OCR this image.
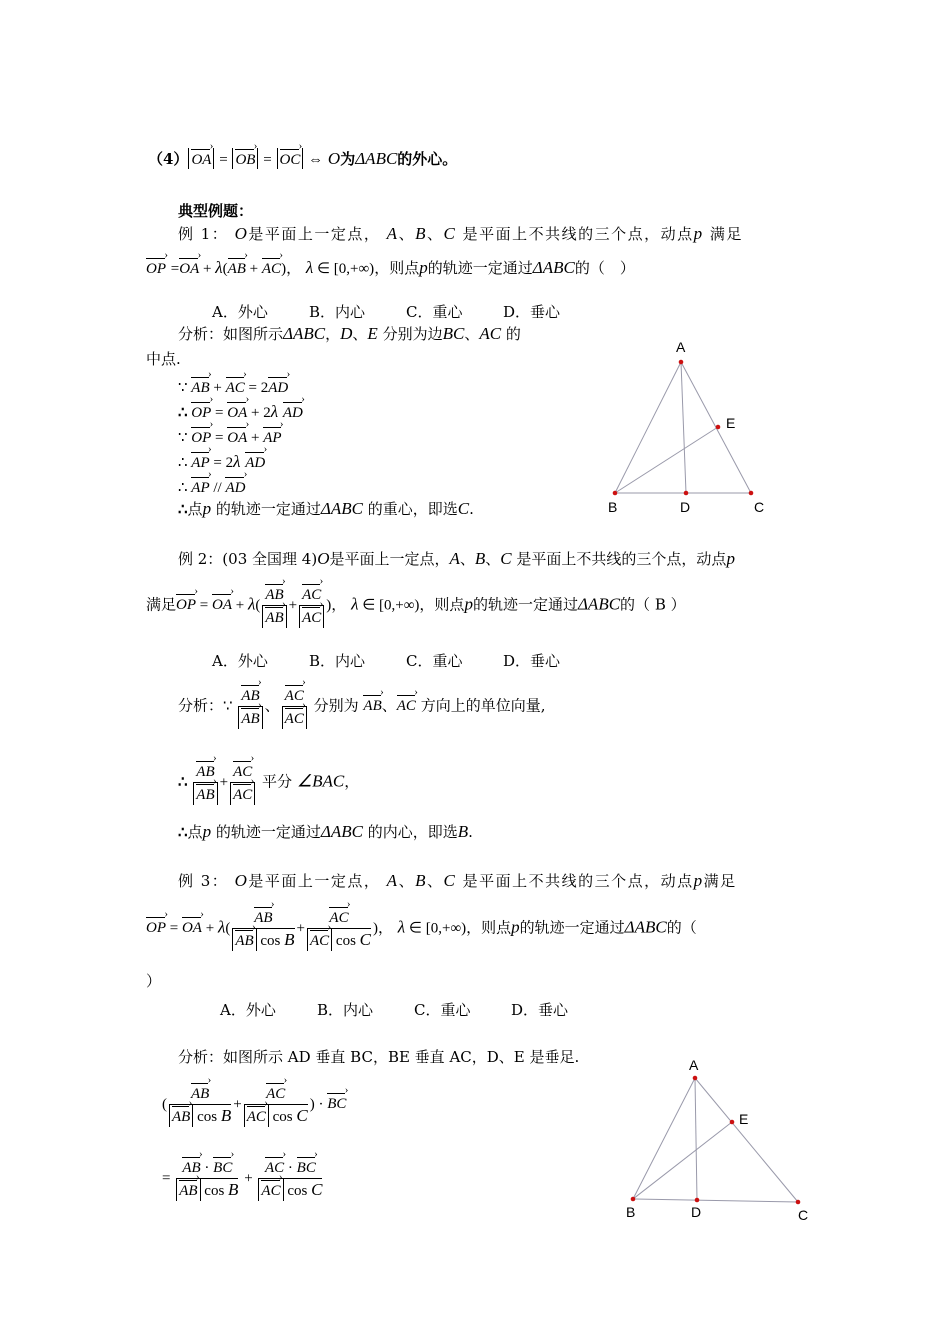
（4） OA › = OB › = OC › ⇔ O为ΔABC的外心。
典型例题：
例 1： O是平面上一定点， A、B、C 是平面上不共线的三个点，动点p 满足
OP › =OA › + λ(AB › + AC ›)， λ ∈ [0,+∞)，则点p的轨迹一定通过ΔABC的（　）
A．外心	B．内心	C．重心	D．垂心
分析：如图所示ΔABC，D、E 分别为边BC、AC 的
中点.
∵ AB › + AC › = 2AD ›
∴ OP › = OA › + 2λ AD ›
∵ OP › = OA › + AP ›
∴ AP › = 2λ AD ›
∴ AP › // AD ›
∴点p 的轨迹一定通过ΔABC 的重心，即选C.
A
B	C
D
E
例 2：(03 全国理 4)O是平面上一定点，A、B、C 是平面上不共线的三个点，动点p
满足OP › = OA › + $\lambda( \frac{AB ›}{AB}$ › + $\frac{AC ›}{AC}$ › )， λ ∈ [0,+∞)，则点p的轨迹一定通过ΔABC的（ B ）
A．外心	B．内心	C．重心	D．垂心
分析：∵ $\frac{AB ›}{AB}$ › 、 $\frac{AC ›}{AC}$ › 分别为 AB ›、AC › 方向上的单位向量,
∴ $\frac{AB ›}{AB}$ › + $\frac{AC ›}{AC}$ › 平分 ∠BAC，
∴点p 的轨迹一定通过ΔABC 的内心，即选B.
例 3： O是平面上一定点， A、B、C 是平面上不共线的三个点，动点p满足
OP › = OA › + $\lambda( \frac{AB ›}{\text{AB › cos B}} + \frac{AC ›}{\text{AC › cos C}}$ )， λ ∈ [0,+∞)，则点p的轨迹一定通过ΔABC的（
）
A．外心	B．内心	C．重心	D．垂心
分析：如图所示 AD 垂直 BC，BE 垂直 AC，D、E 是垂足.
( $\frac{AB ›}{\text{AB › cos B}} + \frac{AC ›}{\text{AC › cos C}}$ ) · BC ›
= $\frac{AB › \cdot BC ›}{\text{AB › cos B}} + \frac{AC › \cdot BC ›}{\text{AC › cos C}}$
A
B	C
D
E
